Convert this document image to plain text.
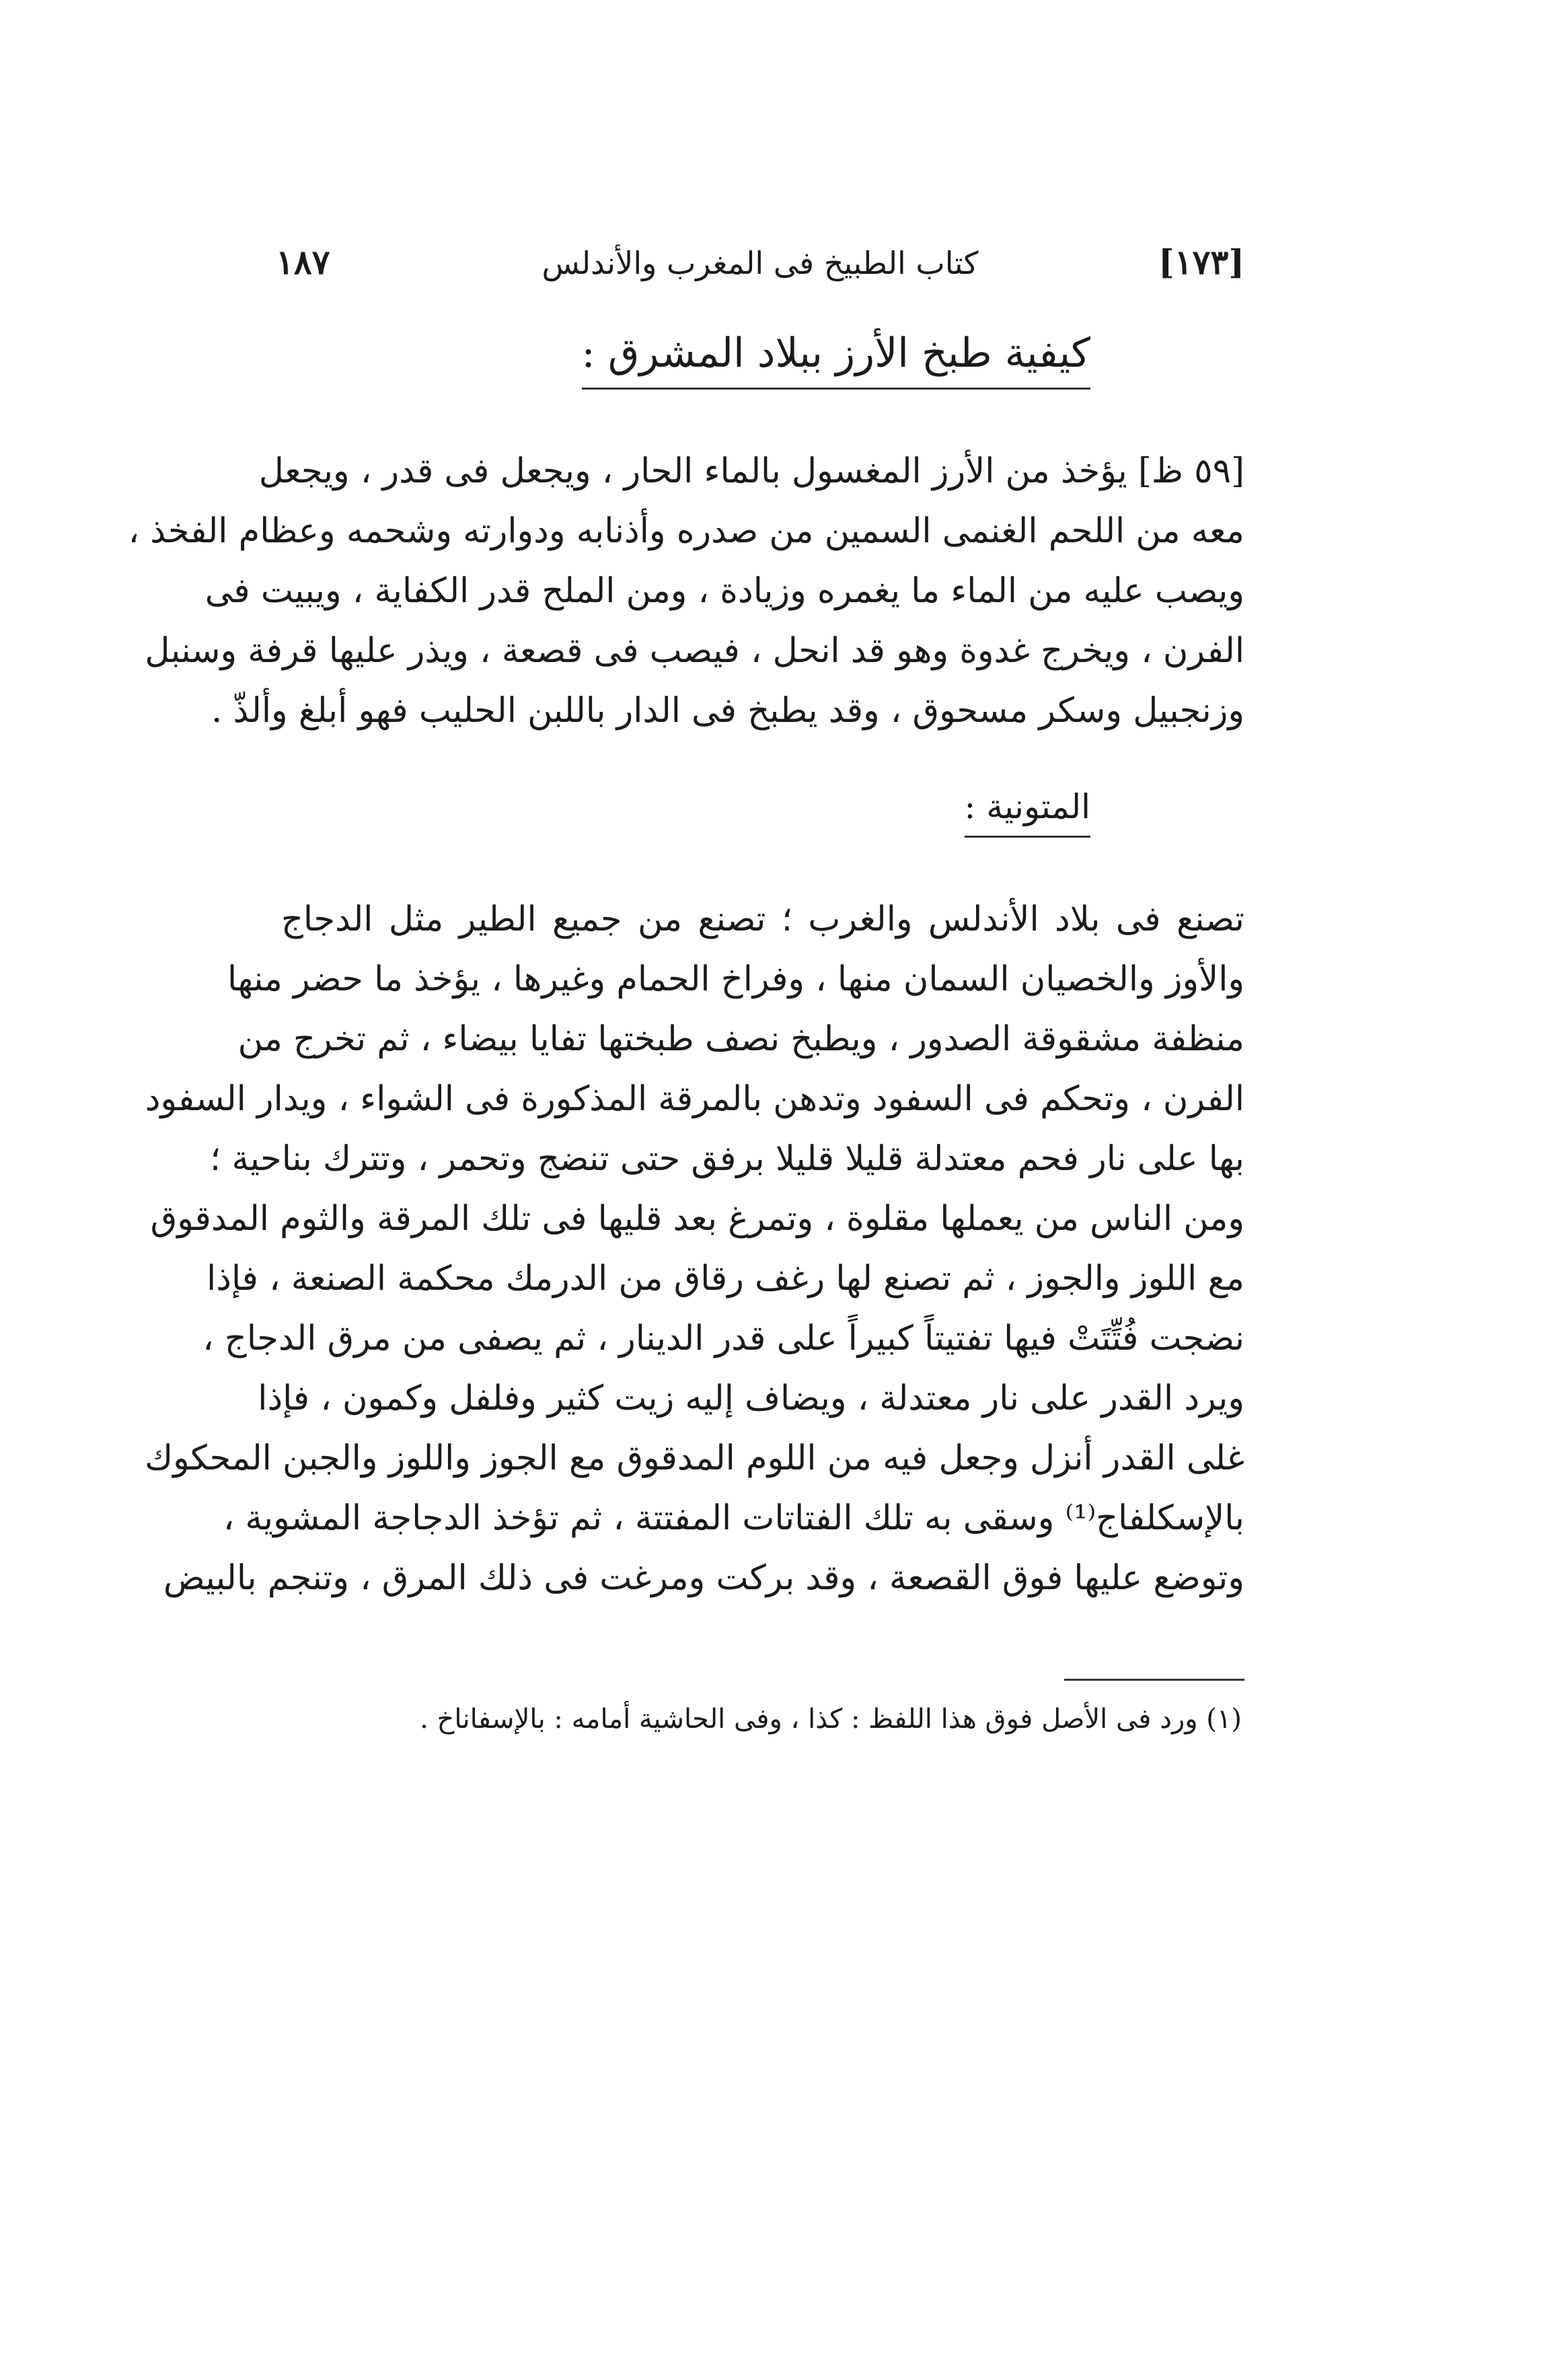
[١٧٣]
كتاب الطبيخ فى المغرب والأندلس
١٨٧
كيفية طبخ الأرز ببلاد المشرق :
[٥٩ ظ] يؤخذ من الأرز المغسول بالماء الحار ، ويجعل فى قدر ، ويجعل
معه من اللحم الغنمى السمين من صدره وأذنابه ودوارته وشحمه وعظام الفخذ ،
ويصب عليه من الماء ما يغمره وزيادة ، ومن الملح قدر الكفاية ، ويبيت فى
الفرن ، ويخرج غدوة وهو قد انحل ، فيصب فى قصعة ، ويذر عليها قرفة وسنبل
وزنجبيل وسكر مسحوق ، وقد يطبخ فى الدار باللبن الحليب فهو أبلغ وألذّ .
المتونية :
تصنع فى بلاد الأندلس والغرب ؛ تصنع من جميع الطير مثل الدجاج
والأوز والخصيان السمان منها ، وفراخ الحمام وغيرها ، يؤخذ ما حضر منها
منظفة مشقوقة الصدور ، ويطبخ نصف طبختها تفايا بيضاء ، ثم تخرج من
الفرن ، وتحكم فى السفود وتدهن بالمرقة المذكورة فى الشواء ، ويدار السفود
بها على نار فحم معتدلة قليلا قليلا برفق حتى تنضج وتحمر ، وتترك بناحية ؛
ومن الناس من يعملها مقلوة ، وتمرغ بعد قليها فى تلك المرقة والثوم المدقوق
مع اللوز والجوز ، ثم تصنع لها رغف رقاق من الدرمك محكمة الصنعة ، فإذا
نضجت فُتِّتَتْ فيها تفتيتاً كبيراً على قدر الدينار ، ثم يصفى من مرق الدجاج ،
ويرد القدر على نار معتدلة ، ويضاف إليه زيت كثير وفلفل وكمون ، فإذا
غلى القدر أنزل وجعل فيه من اللوم المدقوق مع الجوز واللوز والجبن المحكوك
بالإسكلفاج⁽¹⁾ وسقى به تلك الفتاتات المفتتة ، ثم تؤخذ الدجاجة المشوية ،
وتوضع عليها فوق القصعة ، وقد بركت ومرغت فى ذلك المرق ، وتنجم بالبيض
(١) ورد فى الأصل فوق هذا اللفظ : كذا ، وفى الحاشية أمامه : بالإسفاناخ .
